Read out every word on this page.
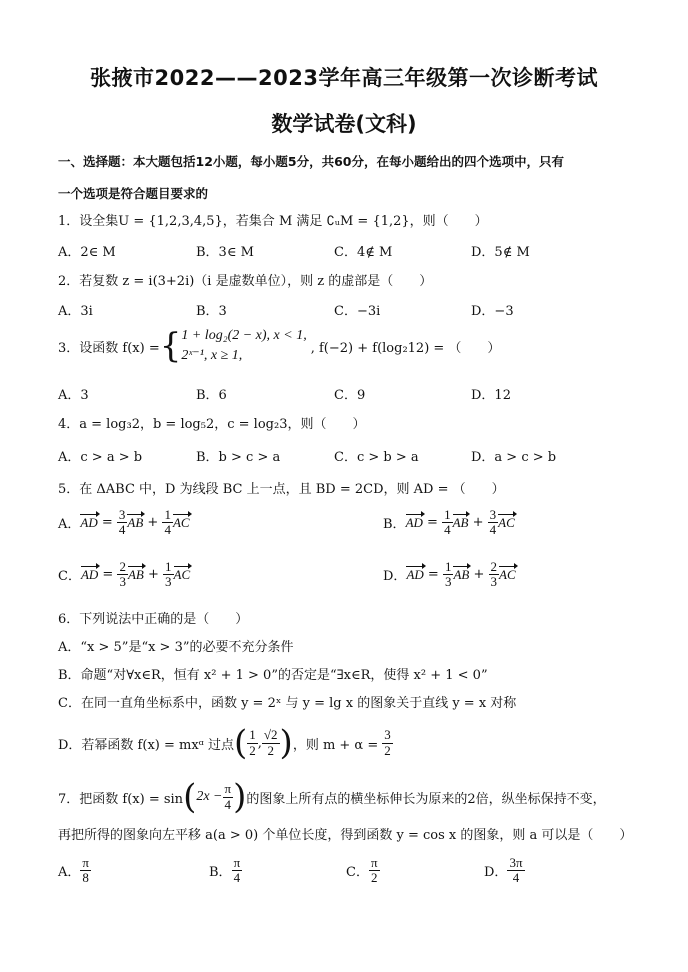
张掖市2022——2023学年高三年级第一次诊断考试
数学试卷(文科)
一、选择题：本大题包括12小题，每小题5分，共60分，在每小题给出的四个选项中，只有
一个选项是符合题目要求的
1．设全集U = {1,2,3,4,5}，若集合 M 满足 ∁ᵤM = {1,2}，则（　　）
A．2∈ M	B．3∈ M	C．4∉ M	D．5∉ M
2．若复数 z = i(3+2i)（i 是虚数单位），则 z 的虚部是（　　）
A．3i	B．3	C．−3i	D．−3
3．设函数 f(x) = { 1 + log₂(2 − x), x < 1,
2ˣ⁻¹, x ≥ 1,	, f(−2) + f(log₂12) = （　　）
A．3	B．6	C．9	D．12
4．a = log₃2，b = log₅2，c = log₂3，则（　　）
A．c > a > b	B．b > c > a	C．c > b > a	D．a > c > b
5．在 ΔABC 中，D 为线段 BC 上一点，且 BD = 2CD，则 AD = （　　）
A． AD = $\frac{3}{4}$ AB + $\frac{1}{4}$ AC	B． AD = $\frac{1}{4}$ AB + $\frac{3}{4}$ AC
C． AD = $\frac{2}{3}$ AB + $\frac{1}{3}$ AC	D． AD = $\frac{1}{3}$ AB + $\frac{2}{3}$ AC
6．下列说法中正确的是（　　）
A．“x > 5”是“x > 3”的必要不充分条件
B．命题“对∀x∈R，恒有 x² + 1 > 0”的否定是“∃x∈R，使得 x² + 1 < 0”
C．在同一直角坐标系中，函数 y = 2ˣ 与 y = lg x 的图象关于直线 y = x 对称
D．若幂函数 f(x) = mxᵅ 过点 ( $\frac{1}{2}$ , $\frac{√2}{2}$ ) ，则 $m + \alpha = \frac{3}{2}$
7．把函数 f(x) = sin ( $2x - \frac{\pi}{4}$ ) 的图象上所有点的横坐标伸长为原来的2倍，纵坐标保持不变，
再把所得的图象向左平移 a(a > 0) 个单位长度，得到函数 y = cos x 的图象，则 a 可以是（　　）
A． $\frac{\pi}{8}$	B． $\frac{\pi}{4}$	C． $\frac{\pi}{2}$	D． $\frac{3\pi}{4}$
